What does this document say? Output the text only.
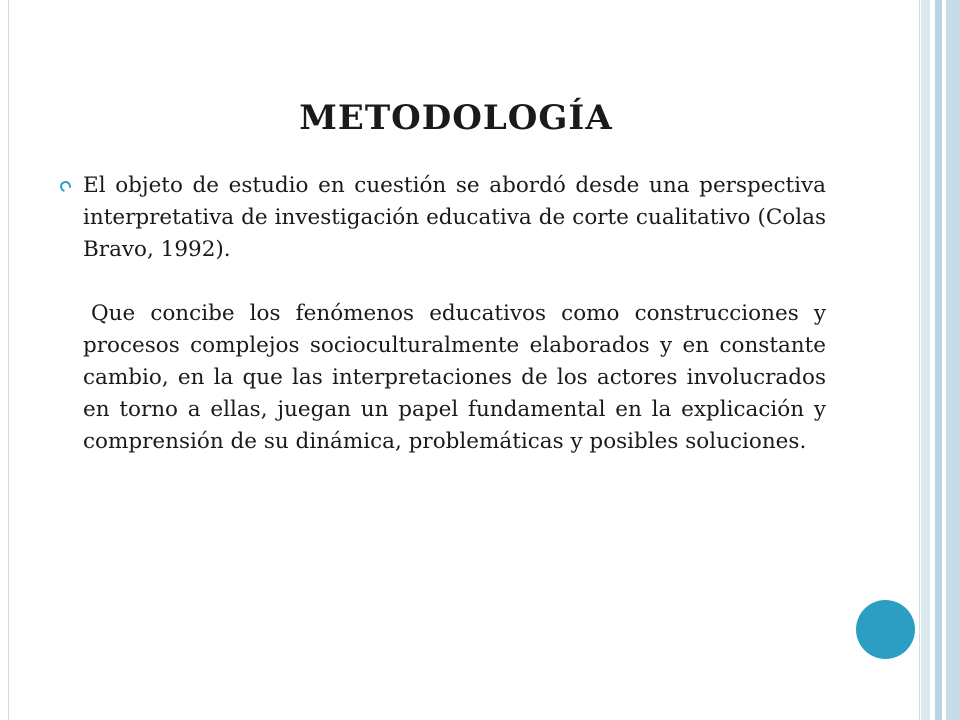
METODOLOGÍA

El objeto de estudio en cuestión se abordó desde una perspectiva interpretativa de investigación educativa de corte cualitativo (Colas Bravo, 1992).

Que concibe los fenómenos educativos como construcciones y procesos complejos socioculturalmente elaborados y en constante cambio, en la que las interpretaciones de los actores involucrados en torno a ellas, juegan un papel fundamental en la explicación y comprensión de su dinámica, problemáticas y posibles soluciones.
